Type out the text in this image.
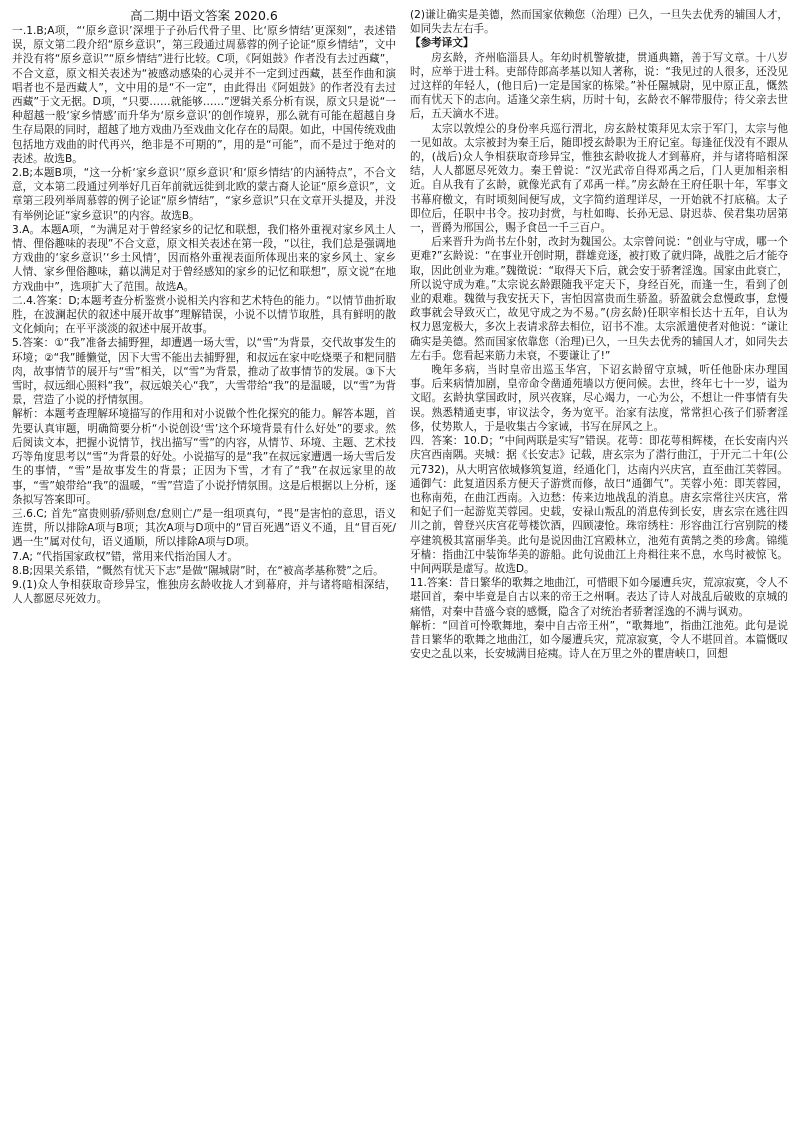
高二期中语文答案 2020.6

一.1.B;A项，“‘原乡意识’深埋于子孙后代骨子里、比‘原乡情结’更深刻”，表述错误，原文第二段介绍“原乡意识”，第三段通过周慕蓉的例子论证“原乡情结”，文中并没有将“原乡意识”“原乡情结”进行比较。C项，《阿姐鼓》作者没有去过西藏”，不合文意，原文相关表述为“被感动感染的心灵并不一定到过西藏，甚至作曲和演唱者也不是西藏人”，文中用的是“不一定”，由此得出《阿姐鼓》的作者没有去过西藏”于文无据。D项，“只要……就能够……”逻辑关系分析有误，原文只是说“一种超越一般‘家乡情感’而升华为‘原乡意识’的创作境界，那么就有可能在超越自身生存局限的同时，超越了地方戏曲乃至戏曲文化存在的局限。如此，中国传统戏曲包括地方戏曲的时代再兴，绝非是不可期的”，用的是“可能”，而不是过于绝对的表述。故选B。

2.B;本题B项，“这一分析‘家乡意识’‘原乡意识’和‘原乡情结’的内涵特点”，不合文意，文本第二段通过列举好几百年前就远徙到北欧的蒙古裔人论证“原乡意识”，文章第三段列举周慕蓉的例子论证“原乡情结”，“家乡意识”只在文章开头提及，并没有举例论证“家乡意识”的内容。故选B。

3.A。本题A项，“为满足对于曾经家乡的记忆和联想，我们格外重视对家乡风土人情、俚俗趣味的表现”不合文意，原文相关表述在第一段，“以往，我们总是强调地方戏曲的‘家乡意识’‘乡土风情’，因而格外重视表面所体现出来的家乡风土、家乡人情、家乡俚俗趣味，藉以满足对于曾经感知的家乡的记忆和联想”，原文说“在地方戏曲中”，选项扩大了范围。故选A。

二.4.答案：D;本题考查分析鉴赏小说相关内容和艺术特色的能力。“以情节曲折取胜，在波澜起伏的叙述中展开故事”理解错误，小说不以情节取胜，具有鲜明的散文化倾向；在平平淡淡的叙述中展开故事。

5.答案：①“我”准备去捕野狸，却遭遇一场大雪，以“雪”为背景，交代故事发生的环境；②“我”睡懒觉，因下大雪不能出去捕野狸，和叔远在家中吃烧栗子和粑同腊肉，故事情节的展开与“雪”相关，以“雪”为背景，推动了故事情节的发展。③下大雪时，叔远细心照料“我”，叔远娘关心“我”，大雪带给“我”的是温暖，以“雪”为背景，营造了小说的抒情氛围。

解析：本题考查理解环境描写的作用和对小说做个性化探究的能力。解答本题，首先要认真审题，明确简要分析“小说创设‘雪’这个环境背景有什么好处”的要求。然后阅读文本，把握小说情节，找出描写“雪”的内容，从情节、环境、主题、艺术技巧等角度思考以“雪”为背景的好处。小说描写的是“我”在叔远家遭遇一场大雪后发生的事情，“雪”是故事发生的背景；正因为下雪，才有了“我”在叔远家里的故事，“雪”娘带给“我”的温暖，“雪”营造了小说抒情氛围。这是后根据以上分析，逐条拟写答案即可。

三.6.C; 首先“富贵则骄/骄则怠/怠则亡/”是一组项真句，“畏”是害怕的意思，语义连贯，所以排除A项与B项；其次A项与D项中的“冒百死遇”语义不通，且“冒百死/遇一生”属对仗句，语义通顺，所以排除A项与D项。

7.A; “代指国家政权”错，常用来代指治国人才。

8.B;因果关系错，“慨然有忧天下志”是做“隰城尉”时，在“被高孝基称赞”之后。

9.(1)众人争相获取奇珍异宝，惟独房玄龄收拢人才到幕府，并与诸将暗相深结，人人都愿尽死效力。

(2)谦让确实是美德，然而国家依赖您（治理）已久，一旦失去优秀的辅国人才，如同失去左右手。

【参考译文】

房玄龄，齐州临淄县人。年幼时机警敏捷，贯通典籍，善于写文章。十八岁时，应举于进士科。吏部侍郎高孝基以知人著称，说：“我见过的人很多，还没见过这样的年轻人，(他日后)一定是国家的栋梁。”补任隰城尉，见中原正乱，慨然而有忧天下的志向。适逢父亲生病，历时十旬，玄龄衣不解带服侍；待父亲去世后，五天滴水不进。

太宗以敦煌公的身份率兵巡行渭北，房玄龄杖策拜见太宗于军门，太宗与他一见如故。太宗被封为秦王后，随即授玄龄职为王府记室。每逢征伐没有不跟从的，(战后)众人争相获取奇珍异宝，惟独玄龄收拢人才到幕府，并与诸将暗相深结，人人都愿尽死效力。秦王曾说：“汉光武帝自得邓禹之后，门人更加相亲相近。自从我有了玄龄，就像光武有了邓禹一样。”房玄龄在王府任职十年，军事文书幕府檄文，有时顷刻间便写成，文字简约道理详尽，一开始就不打底稿。太子即位后，任职中书令。按功封赏，与杜如晦、长孙无忌、尉迟恭、侯君集功居第一，晋爵为邢国公，赐予食邑一千三百户。

后来晋升为尚书左仆射，改封为魏国公。太宗曾问说：“创业与守成，哪一个更难?”玄龄说：“在事业开创时期，群雄竞逐，被打败了就归降，战胜之后才能夺取，因此创业为难。”魏徵说：“取得天下后，就会安于骄奢淫逸。国家由此衰亡，所以说守成为难。”太宗说玄龄跟随我平定天下，身经百死，而逢一生，看到了创业的艰难。魏徵与我安抚天下，害怕因富贵而生骄盈。骄盈就会怠慢政事，怠慢政事就会导致灭亡，故见守成之为不易。”(房玄龄)任职宰相长达十五年，自认为权力恩宠极大，多次上表请求辞去相位，诏书不准。太宗派遣使者对他说：“谦让确实是美德。然而国家依靠您（治理)已久，一旦失去优秀的辅国人才，如同失去左右手。您看起来筋力未衰，不要谦让了!”

晚年多病，当时皇帝出巡玉华宫，下诏玄龄留守京城，听任他卧床办理国事。后来病情加剧，皇帝命令凿通苑墙以方便问候。去世，终年七十一岁，谥为文昭。玄龄执掌国政时，夙兴夜寐，尽心竭力，一心为公，不想让一件事情有失误。熟悉精通吏事，审议法令，务为宽平。治家有法度，常常担心孩子们骄奢淫侈，仗势欺人，于是收集古今家诫，书写在屏风之上。

四．答案：10.D；“中间两联是实写”错误。花萼：即花萼相辉楼，在长安南内兴庆宫西南隅。夹城：据《长安志》记载，唐玄宗为了潜行曲江，于开元二十年(公元732)，从大明宫依城修筑复道，经通化门，达南内兴庆宫，直至曲江芙蓉园。通御气：此复道因系方便天子游赏而修，故曰“通御气”。芙蓉小苑：即芙蓉园，也称南苑，在曲江西南。入边愁：传来边地战乱的消息。唐玄宗常往兴庆宫，常和妃子们一起游览芙蓉园。史载，安禄山叛乱的消息传到长安，唐玄宗在逃往四川之前，曾登兴庆宫花萼楼饮酒，四顾凄怆。珠帘绣柱：形容曲江行宫别院的楼亭建筑极其富丽华美。此句是说因曲江宫殿林立，池苑有黄鹄之类的珍禽。锦缆牙樯：指曲江中装饰华美的游船。此句说曲江上舟楫往来不息，水鸟时被惊飞。中间两联是虚写。故选D。

11.答案：昔日繁华的歌舞之地曲江，可惜眼下如今屡遭兵灾，荒凉寂寞，令人不堪回首，秦中毕竟是自古以来的帝王之州啊。表达了诗人对战乱后破败的京城的痛惜，对秦中昔盛今衰的感慨，隐含了对统治者骄奢淫逸的不满与讽劝。

解析：“回首可怜歌舞地，秦中自古帝王州”，“歌舞地”，指曲江池苑。此句是说昔日繁华的歌舞之地曲江，如今屡遭兵灾，荒凉寂寞，令人不堪回首。本篇慨叹安史之乱以来，长安城满目疮痍。诗人在万里之外的瞿唐峡口，回想
